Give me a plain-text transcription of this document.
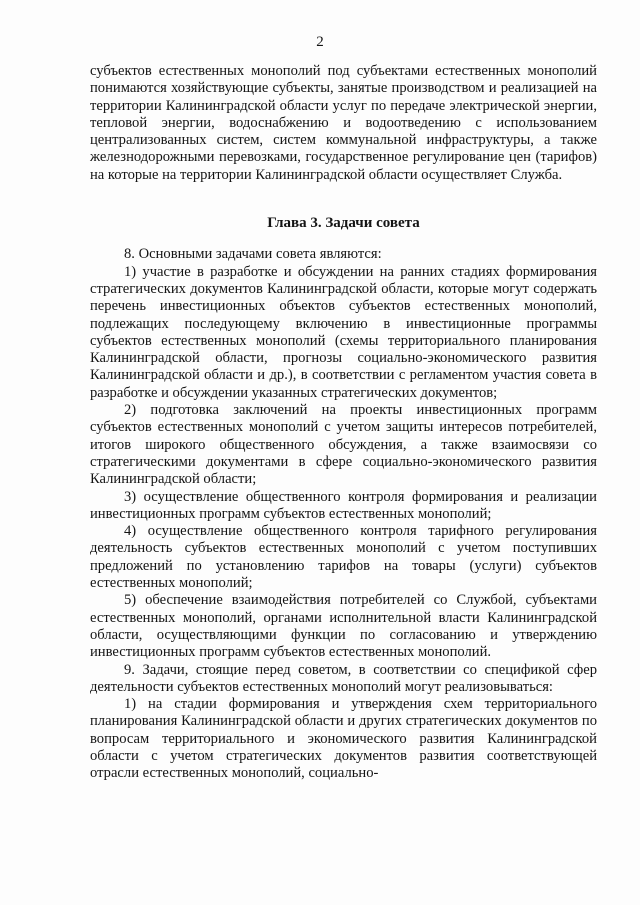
2

субъектов естественных монополий под субъектами естественных монополий понимаются хозяйствующие субъекты, занятые производством и реализацией на территории Калининградской области услуг по передаче электрической энергии, тепловой энергии, водоснабжению и водоотведению с использованием централизованных систем, систем коммунальной инфраструктуры, а также железнодорожными перевозками, государственное регулирование цен (тарифов) на которые на территории Калининградской области осуществляет Служба.

Глава 3. Задачи совета

8. Основными задачами совета являются:

1) участие в разработке и обсуждении на ранних стадиях формирования стратегических документов Калининградской области, которые могут содержать перечень инвестиционных объектов субъектов естественных монополий, подлежащих последующему включению в инвестиционные программы субъектов естественных монополий (схемы территориального планирования Калининградской области, прогнозы социально-экономического развития Калининградской области и др.), в соответствии с регламентом участия совета в разработке и обсуждении указанных стратегических документов;

2) подготовка заключений на проекты инвестиционных программ субъектов естественных монополий с учетом защиты интересов потребителей, итогов широкого общественного обсуждения, а также взаимосвязи со стратегическими документами в сфере социально-экономического развития Калининградской области;

3) осуществление общественного контроля формирования и реализации инвестиционных программ субъектов естественных монополий;

4) осуществление общественного контроля тарифного регулирования деятельность субъектов естественных монополий с учетом поступивших предложений по установлению тарифов на товары (услуги) субъектов естественных монополий;

5) обеспечение взаимодействия потребителей со Службой, субъектами естественных монополий, органами исполнительной власти Калининградской области, осуществляющими функции по согласованию и утверждению инвестиционных программ субъектов естественных монополий.

9. Задачи, стоящие перед советом, в соответствии со спецификой сфер деятельности субъектов естественных монополий могут реализовываться:

1) на стадии формирования и утверждения схем территориального планирования Калининградской области и других стратегических документов по вопросам территориального и экономического развития Калининградской области с учетом стратегических документов развития соответствующей отрасли естественных монополий, социально-
